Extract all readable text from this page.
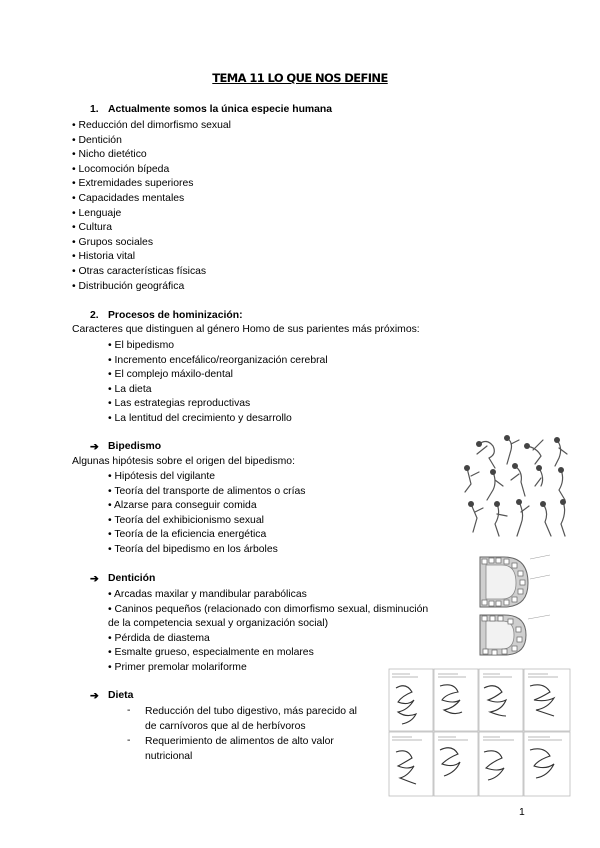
TEMA 11 LO QUE NOS DEFINE
1. Actualmente somos la única especie humana
• Reducción del dimorfismo sexual
• Dentición
• Nicho dietético
• Locomoción bípeda
• Extremidades superiores
• Capacidades mentales
• Lenguaje
• Cultura
• Grupos sociales
• Historia vital
• Otras características físicas
• Distribución geográfica
2. Procesos de hominización:
Caracteres que distinguen al género Homo de sus parientes más próximos:
• El bipedismo
• Incremento encefálico/reorganización cerebral
• El complejo máxilo-dental
• La dieta
• Las estrategias reproductivas
• La lentitud del crecimiento y desarrollo
➔ Bipedismo
Algunas hipótesis sobre el origen del bipedismo:
• Hipótesis del vigilante
• Teoría del transporte de alimentos o crías
• Alzarse para conseguir comida
• Teoría del exhibicionismo sexual
• Teoría de la eficiencia energética
• Teoría del bipedismo en los árboles
➔ Dentición
• Arcadas maxilar y mandibular parabólicas
• Caninos pequeños (relacionado con dimorfismo sexual, disminución
de la competencia sexual y organización social)
• Pérdida de diastema
• Esmalte grueso, especialmente en molares
• Primer premolar molariforme
➔ Dieta
- Reducción del tubo digestivo, más parecido al
de carnívoros que al de herbívoros
- Requerimiento de alimentos de alto valor
nutricional
1
